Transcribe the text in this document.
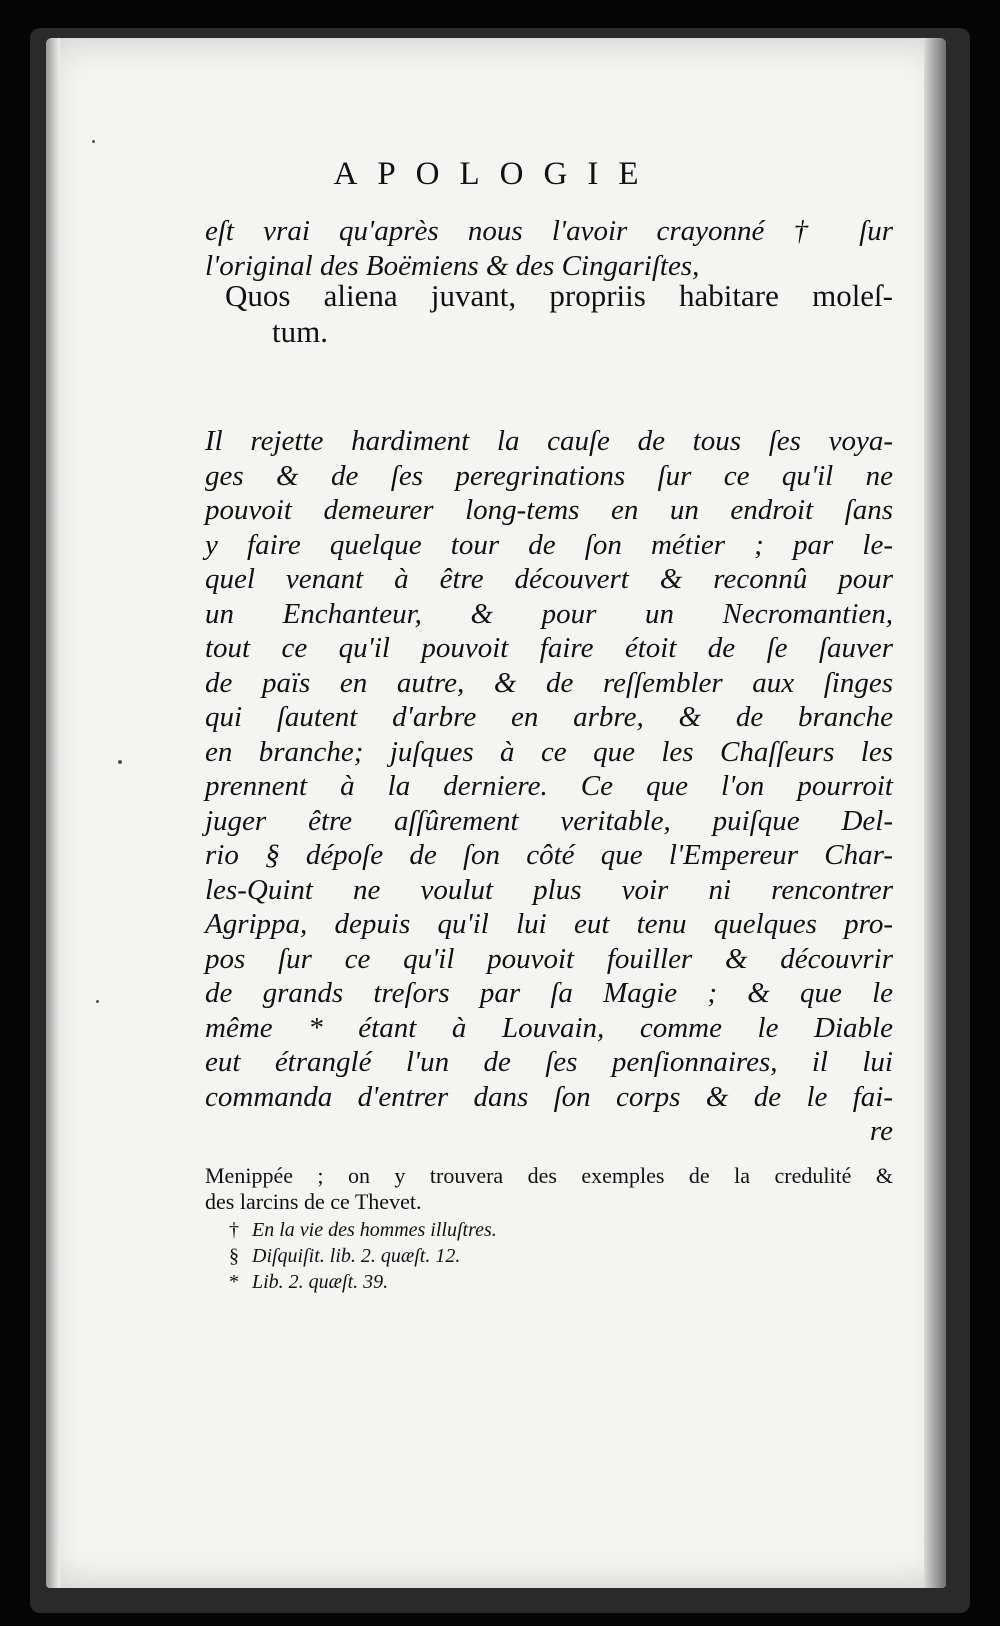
APOLOGIE
eſt vrai qu'après nous l'avoir crayonné † ſur
l'original des Boëmiens & des Cingariſtes,
Quos aliena juvant, propriis habitare moleſ-
tum.
Il rejette hardiment la cauſe de tous ſes voya-
ges & de ſes peregrinations ſur ce qu'il ne
pouvoit demeurer long-tems en un endroit ſans
y faire quelque tour de ſon métier ; par le-
quel venant à être découvert & reconnû pour
un Enchanteur, & pour un Necromantien,
tout ce qu'il pouvoit faire étoit de ſe ſauver
de païs en autre, & de reſſembler aux ſinges
qui ſautent d'arbre en arbre, & de branche
en branche; juſques à ce que les Chaſſeurs les
prennent à la derniere. Ce que l'on pourroit
juger être aſſûrement veritable, puiſque Del-
rio § dépoſe de ſon côté que l'Empereur Char-
les-Quint ne voulut plus voir ni rencontrer
Agrippa, depuis qu'il lui eut tenu quelques pro-
pos ſur ce qu'il pouvoit fouiller & découvrir
de grands treſors par ſa Magie ; & que le
même * étant à Louvain, comme le Diable
eut étranglé l'un de ſes penſionnaires, il lui
commanda d'entrer dans ſon corps & de le fai-
re
Menippée ; on y trouvera des exemples de la credulité &
des larcins de ce Thevet.
† En la vie des hommes illuſtres.
§ Diſquiſit. lib. 2. quæſt. 12.
* Lib. 2. quæſt. 39.
